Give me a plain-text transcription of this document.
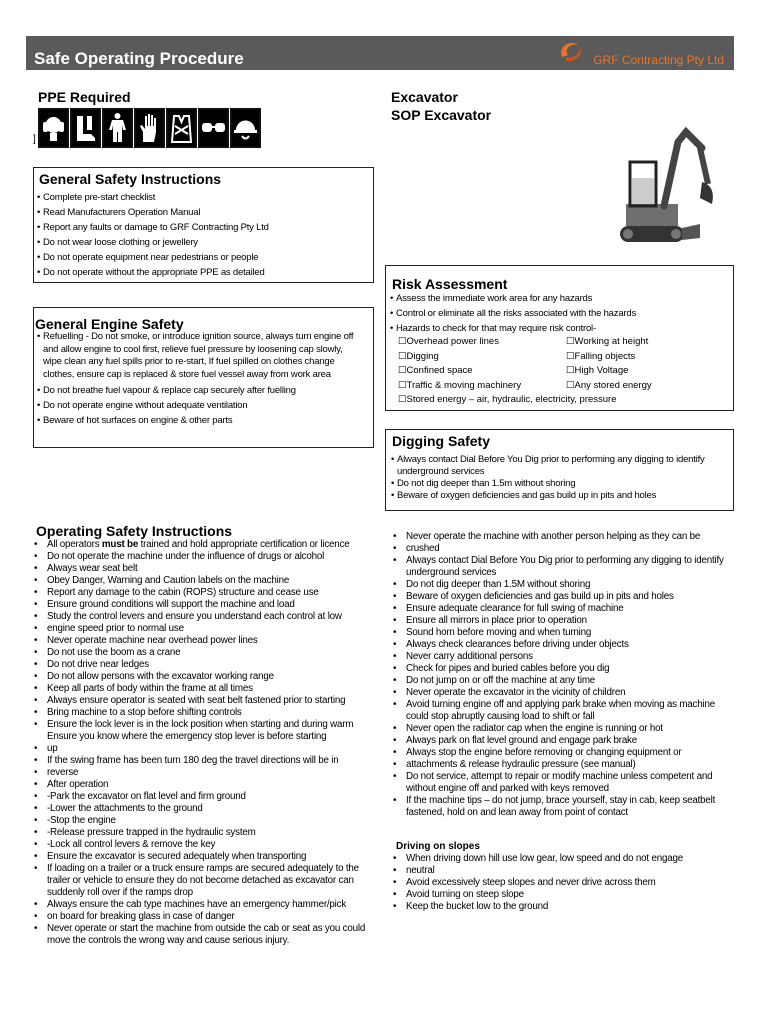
Safe Operating Procedure	GRF Contracting Pty Ltd
PPE Required
]
Excavator
SOP Excavator
General Safety Instructions
• Complete pre-start checklist
• Read Manufacturers Operation Manual
• Report any faults or damage to GRF Contracting Pty Ltd
• Do not wear loose clothing or jewellery
• Do not operate equipment near pedestrians or people
• Do not operate without the appropriate PPE as detailed
General Engine Safety
• Refuelling - Do not smoke, or introduce ignition source, always turn engine off and allow engine to cool first, relieve fuel pressure by loosening cap slowly, wipe clean any fuel spills prior to re-start, If fuel spilled on clothes change clothes, ensure cap is replaced & store fuel vessel away from work area
• Do not breathe fuel vapour & replace cap securely after fuelling
• Do not operate engine without adequate ventilation
• Beware of hot surfaces on engine & other parts
Risk Assessment
• Assess the immediate work area for any hazards
• Control or eliminate all the risks associated with the hazards
• Hazards to check for that may require risk control-
☐Overhead power lines
☐Digging
☐Confined space
☐Traffic & moving machinery
☐Working at height
☐Falling objects
☐High Voltage
☐Any stored energy
☐Stored energy – air, hydraulic, electricity, pressure
Digging Safety
• Always contact Dial Before You Dig prior to performing any digging to identify underground services
• Do not dig deeper than 1.5m without shoring
• Beware of oxygen deficiencies and gas build up in pits and holes
Operating Safety Instructions
• All operators must be trained and hold appropriate certification or licence
• Do not operate the machine under the influence of drugs or alcohol
• Always wear seat belt
• Obey Danger, Warning and Caution labels on the machine
• Report any damage to the cabin (ROPS) structure and cease use
• Ensure ground conditions will support the machine and load
• Study the control levers and ensure you understand each control at low
• engine speed prior to normal use
• Never operate machine near overhead power lines
• Do not use the boom as a crane
• Do not drive near ledges
• Do not allow persons with the excavator working range
• Keep all parts of body within the frame at all times
• Always ensure operator is seated with seat belt fastened prior to starting
• Bring machine to a stop before shifting controls
• Ensure the lock lever is in the lock position when starting and during warm Ensure you know where the emergency stop lever is before starting
• up
• If the swing frame has been turn 180 deg the travel directions will be in
• reverse
• After operation
• -Park the excavator on flat level and firm ground
• -Lower the attachments to the ground
• -Stop the engine
• -Release pressure trapped in the hydraulic system
• -Lock all control levers & remove the key
• Ensure the excavator is secured adequately when transporting
• If loading on a trailer or a truck ensure ramps are secured adequately to the trailer or vehicle to ensure they do not become detached as excavator can suddenly roll over if the ramps drop
• Always ensure the cab type machines have an emergency hammer/pick
• on board for breaking glass in case of danger
• Never operate or start the machine from outside the cab or seat as you could move the controls the wrong way and cause serious injury.
• Never operate the machine with another person helping as they can be
• crushed
• Always contact Dial Before You Dig prior to performing any digging to identify underground services
• Do not dig deeper than 1.5M without shoring
• Beware of oxygen deficiencies and gas build up in pits and holes
• Ensure adequate clearance for full swing of machine
• Ensure all mirrors in place prior to operation
• Sound horn before moving and when turning
• Always check clearances before driving under objects
• Never carry additional persons
• Check for pipes and buried cables before you dig
• Do not jump on or off the machine at any time
• Never operate the excavator in the vicinity of children
• Avoid turning engine off and applying park brake when moving as machine could stop abruptly causing load to shift or fall
• Never open the radiator cap when the engine is running or hot
• Always park on flat level ground and engage park brake
• Always stop the engine before removing or changing equipment or
• attachments & release hydraulic pressure (see manual)
• Do not service, attempt to repair or modify machine unless competent and without engine off and parked with keys removed
• If the machine tips – do not jump, brace yourself, stay in cab, keep seatbelt fastened, hold on and lean away from point of contact
Driving on slopes
• When driving down hill use low gear, low speed and do not engage
• neutral
• Avoid excessively steep slopes and never drive across them
• Avoid turning on steep slope
• Keep the bucket low to the ground
